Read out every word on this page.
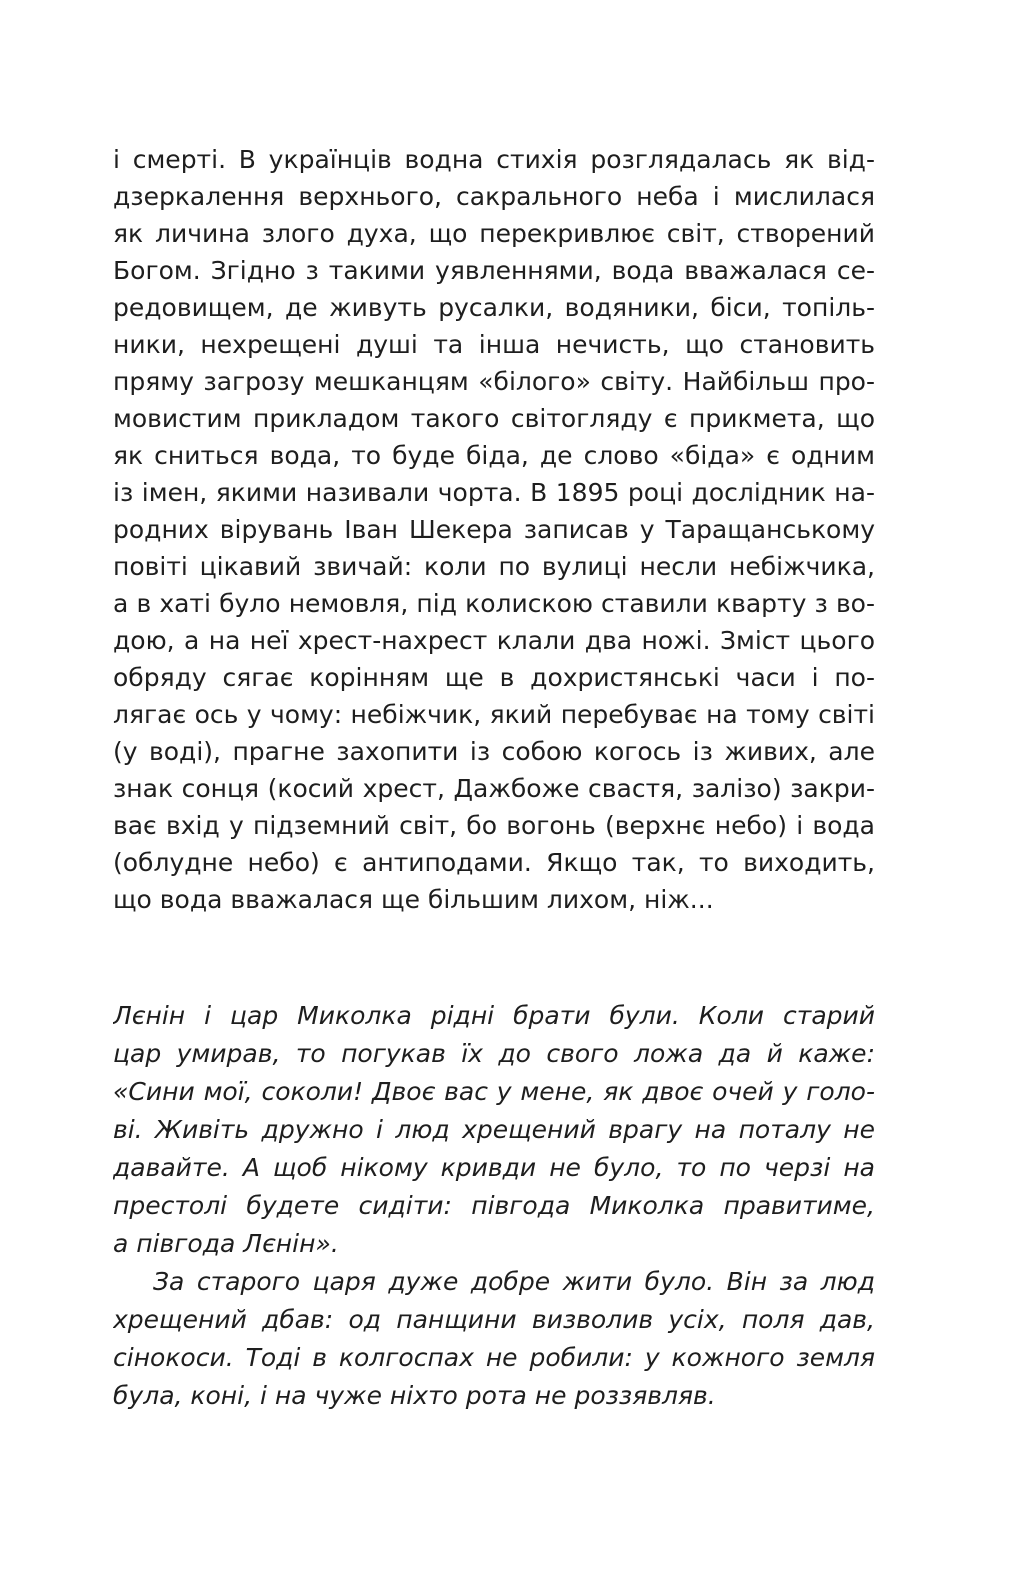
і смерті. В українців водна стихія розглядалась як від-
дзеркалення верхнього, сакрального неба і мислилася
як личина злого духа, що перекривлює світ, створений
Богом. Згідно з такими уявленнями, вода вважалася се-
редовищем, де живуть русалки, водяники, біси, топіль-
ники, нехрещені душі та інша нечисть, що становить
пряму загрозу мешканцям «білого» світу. Найбільш про-
мовистим прикладом такого світогляду є прикмета, що
як сниться вода, то буде біда, де слово «біда» є одним
із імен, якими називали чорта. В 1895 році дослідник на-
родних вірувань Іван Шекера записав у Таращанському
повіті цікавий звичай: коли по вулиці несли небіжчика,
а в хаті було немовля, під колискою ставили кварту з во-
дою, а на неї хрест-нахрест клали два ножі. Зміст цього
обряду сягає корінням ще в дохристянські часи і по-
лягає ось у чому: небіжчик, який перебуває на тому світі
(у воді), прагне захопити із собою когось із живих, але
знак сонця (косий хрест, Дажбоже свастя, залізо) закри-
ває вхід у підземний світ, бо вогонь (верхнє небо) і вода
(облудне небо) є антиподами. Якщо так, то виходить,
що вода вважалася ще більшим лихом, ніж...
Лєнін і цар Миколка рідні брати були. Коли старий
цар умирав, то погукав їх до свого ложа да й каже:
«Сини мої, соколи! Двоє вас у мене, як двоє очей у голо-
ві. Живіть дружно і люд хрещений врагу на поталу не
давайте. А щоб нікому кривди не було, то по черзі на
престолі будете сидіти: півгода Миколка правитиме,
а півгода Лєнін».
За старого царя дуже добре жити було. Він за люд
хрещений дбав: од панщини визволив усіх, поля дав,
сінокоси. Тоді в колгоспах не робили: у кожного земля
була, коні, і на чуже ніхто рота не роззявляв.
